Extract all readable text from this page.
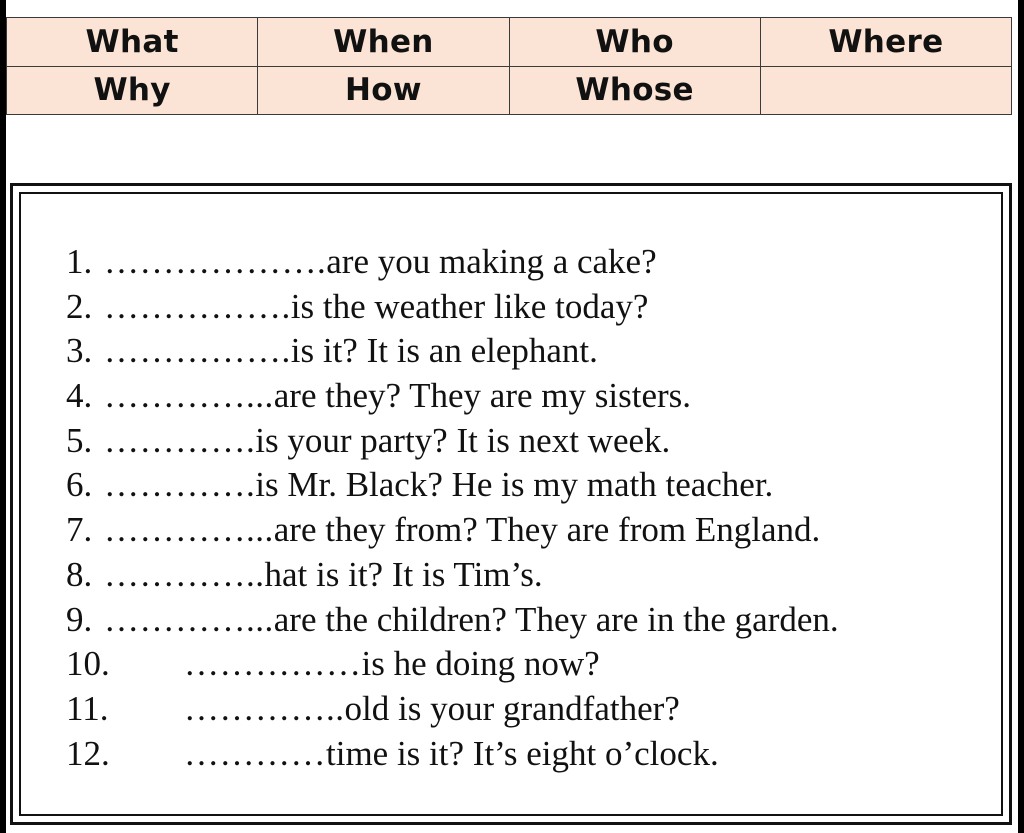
What	When	Who	Where
Why	How	Whose	
1. ……………….are you making a cake?
2. …………….is the weather like today?
3. …………….is it? It is an elephant.
4. …………...are they? They are my sisters.
5. ………….is your party? It is next week.
6. ………….is Mr. Black? He is my math teacher.
7. …………...are they from? They are from England.
8. …………..hat is it? It is Tim’s.
9. …………...are the children? They are in the garden.
10. ……………is he doing now?
11. …………..old is your grandfather?
12. …………time is it? It’s eight o’clock.
